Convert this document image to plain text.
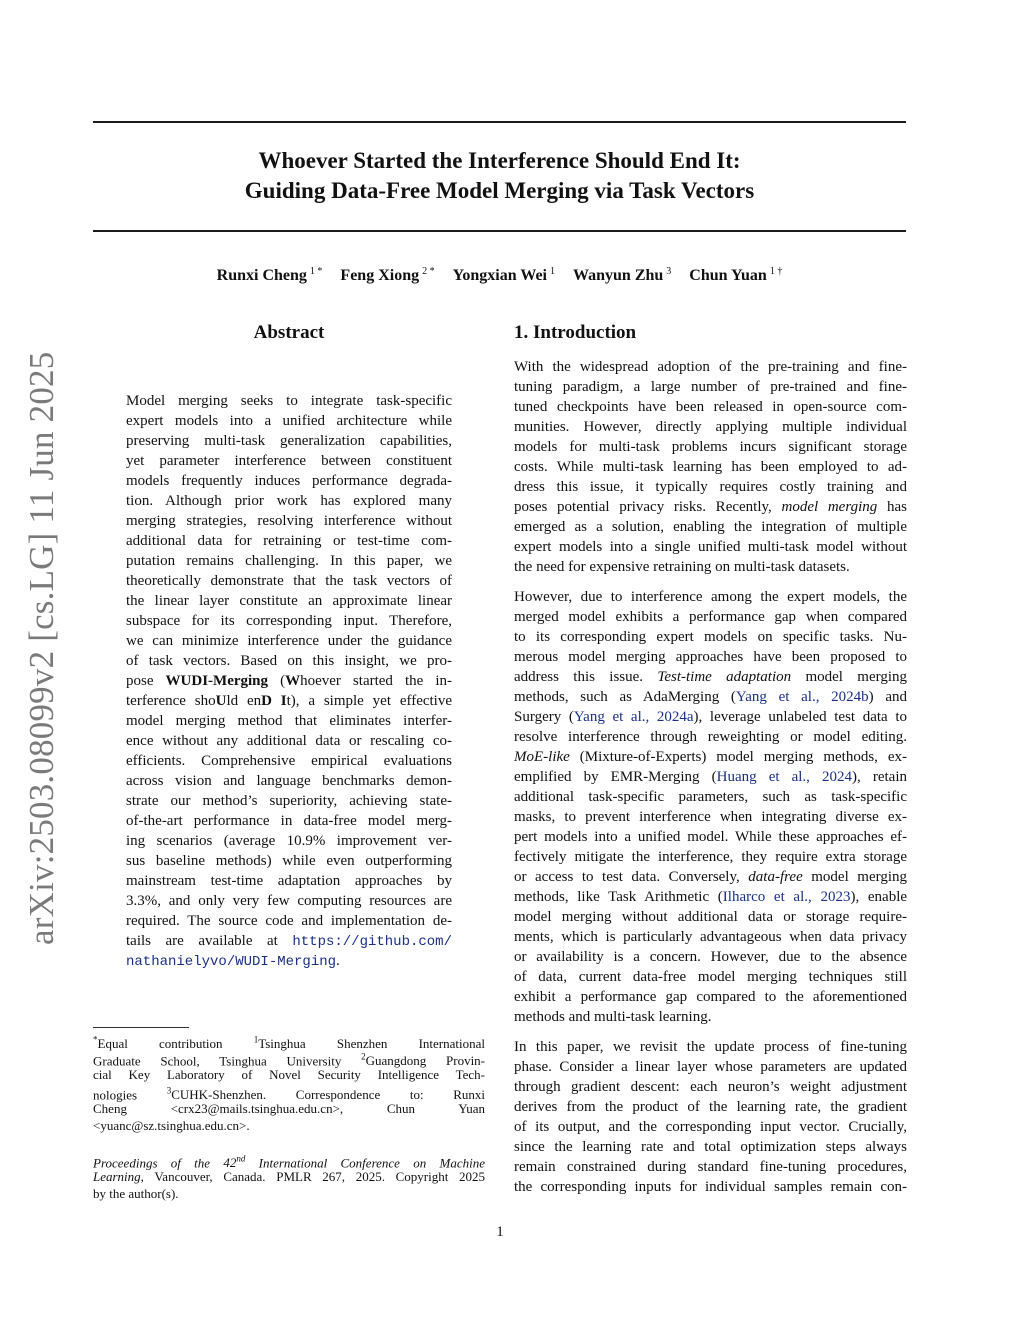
Whoever Started the Interference Should End It:
Guiding Data-Free Model Merging via Task Vectors
Runxi Cheng $^{1 *}$ Feng Xiong $^{2 *}$ Yongxian Wei $^1$ Wanyun Zhu $^3$ Chun Yuan $^{1 \dagger}$
arXiv:2503.08099v2 [cs.LG] 11 Jun 2025
Abstract
Model merging seeks to integrate task-specific
expert models into a unified architecture while
preserving multi-task generalization capabilities,
yet parameter interference between constituent
models frequently induces performance degrada-
tion. Although prior work has explored many
merging strategies, resolving interference without
additional data for retraining or test-time com-
putation remains challenging. In this paper, we
theoretically demonstrate that the task vectors of
the linear layer constitute an approximate linear
subspace for its corresponding input. Therefore,
we can minimize interference under the guidance
of task vectors. Based on this insight, we pro-
pose WUDI-Merging (Whoever started the in-
terference shoUld enD It), a simple yet effective
model merging method that eliminates interfer-
ence without any additional data or rescaling co-
efficients. Comprehensive empirical evaluations
across vision and language benchmarks demon-
strate our method’s superiority, achieving state-
of-the-art performance in data-free model merg-
ing scenarios (average 10.9% improvement ver-
sus baseline methods) while even outperforming
mainstream test-time adaptation approaches by
3.3%, and only very few computing resources are
required. The source code and implementation de-
tails are available at https://github.com/
nathanielyvo/WUDI-Merging.
1. Introduction
With the widespread adoption of the pre-training and fine-
tuning paradigm, a large number of pre-trained and fine-
tuned checkpoints have been released in open-source com-
munities. However, directly applying multiple individual
models for multi-task problems incurs significant storage
costs. While multi-task learning has been employed to ad-
dress this issue, it typically requires costly training and
poses potential privacy risks. Recently, model merging has
emerged as a solution, enabling the integration of multiple
expert models into a single unified multi-task model without
the need for expensive retraining on multi-task datasets.
However, due to interference among the expert models, the
merged model exhibits a performance gap when compared
to its corresponding expert models on specific tasks. Nu-
merous model merging approaches have been proposed to
address this issue. Test-time adaptation model merging
methods, such as AdaMerging (Yang et al., 2024b) and
Surgery (Yang et al., 2024a), leverage unlabeled test data to
resolve interference through reweighting or model editing.
MoE-like (Mixture-of-Experts) model merging methods, ex-
emplified by EMR-Merging (Huang et al., 2024), retain
additional task-specific parameters, such as task-specific
masks, to prevent interference when integrating diverse ex-
pert models into a unified model. While these approaches ef-
fectively mitigate the interference, they require extra storage
or access to test data. Conversely, data-free model merging
methods, like Task Arithmetic (Ilharco et al., 2023), enable
model merging without additional data or storage require-
ments, which is particularly advantageous when data privacy
or availability is a concern. However, due to the absence
of data, current data-free model merging techniques still
exhibit a performance gap compared to the aforementioned
methods and multi-task learning.
In this paper, we revisit the update process of fine-tuning
phase. Consider a linear layer whose parameters are updated
through gradient descent: each neuron’s weight adjustment
derives from the product of the learning rate, the gradient
of its output, and the corresponding input vector. Crucially,
since the learning rate and total optimization steps always
remain constrained during standard fine-tuning procedures,
the corresponding inputs for individual samples remain con-
*Equal contribution	$^1$Tsinghua Shenzhen International
Graduate School, Tsinghua University $^2$Guangdong Provin-
cial Key Laboratory of Novel Security Intelligence Tech-
nologies	$^3$CUHK-Shenzhen. Correspondence to: Runxi
Cheng <crx23@mails.tsinghua.edu.cn>, Chun Yuan
<yuanc@sz.tsinghua.edu.cn>.
Proceedings of the 42nd International Conference on Machine
Learning, Vancouver, Canada. PMLR 267, 2025. Copyright 2025
by the author(s).
1
